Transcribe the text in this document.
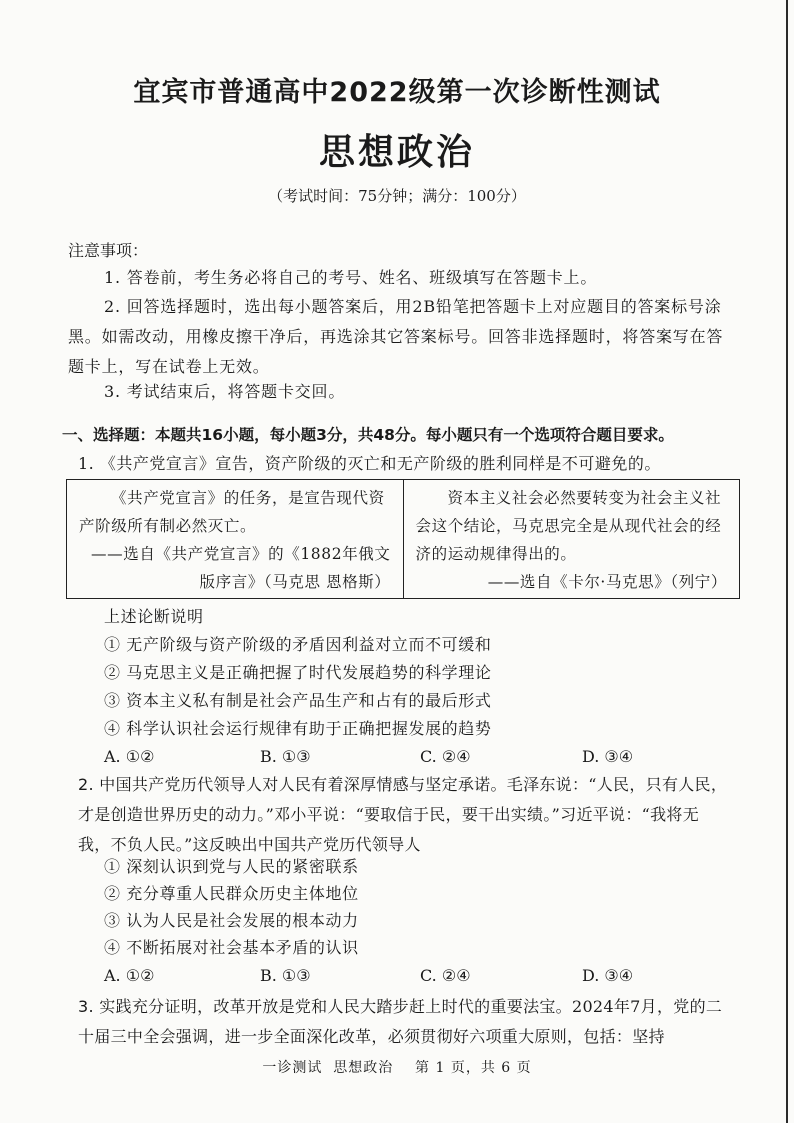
宜宾市普通高中2022级第一次诊断性测试
思想政治
（考试时间：75分钟；满分：100分）
注意事项：
1. 答卷前，考生务必将自己的考号、姓名、班级填写在答题卡上。
2. 回答选择题时，选出每小题答案后，用2B铅笔把答题卡上对应题目的答案标号涂黑。如需改动，用橡皮擦干净后，再选涂其它答案标号。回答非选择题时，将答案写在答题卡上，写在试卷上无效。
3. 考试结束后，将答题卡交回。
一、选择题：本题共16小题，每小题3分，共48分。每小题只有一个选项符合题目要求。
1. 《共产党宣言》宣告，资产阶级的灭亡和无产阶级的胜利同样是不可避免的。
《共产党宣言》的任务，是宣告现代资产阶级所有制必然灭亡。
——选自《共产党宣言》的《1882年俄文版序言》（马克思 恩格斯）
资本主义社会必然要转变为社会主义社会这个结论，马克思完全是从现代社会的经济的运动规律得出的。
——选自《卡尔·马克思》（列宁）
上述论断说明
① 无产阶级与资产阶级的矛盾因利益对立而不可缓和
② 马克思主义是正确把握了时代发展趋势的科学理论
③ 资本主义私有制是社会产品生产和占有的最后形式
④ 科学认识社会运行规律有助于正确把握发展的趋势
A. ①②	B. ①③	C. ②④	D. ③④
2. 中国共产党历代领导人对人民有着深厚情感与坚定承诺。毛泽东说：“人民，只有人民，才是创造世界历史的动力。”邓小平说：“要取信于民，要干出实绩。”习近平说：“我将无我，不负人民。”这反映出中国共产党历代领导人
① 深刻认识到党与人民的紧密联系
② 充分尊重人民群众历史主体地位
③ 认为人民是社会发展的根本动力
④ 不断拓展对社会基本矛盾的认识
A. ①②	B. ①③	C. ②④	D. ③④
3. 实践充分证明，改革开放是党和人民大踏步赶上时代的重要法宝。2024年7月，党的二十届三中全会强调，进一步全面深化改革，必须贯彻好六项重大原则，包括：坚持
一诊测试  思想政治    第 1 页，共 6 页
